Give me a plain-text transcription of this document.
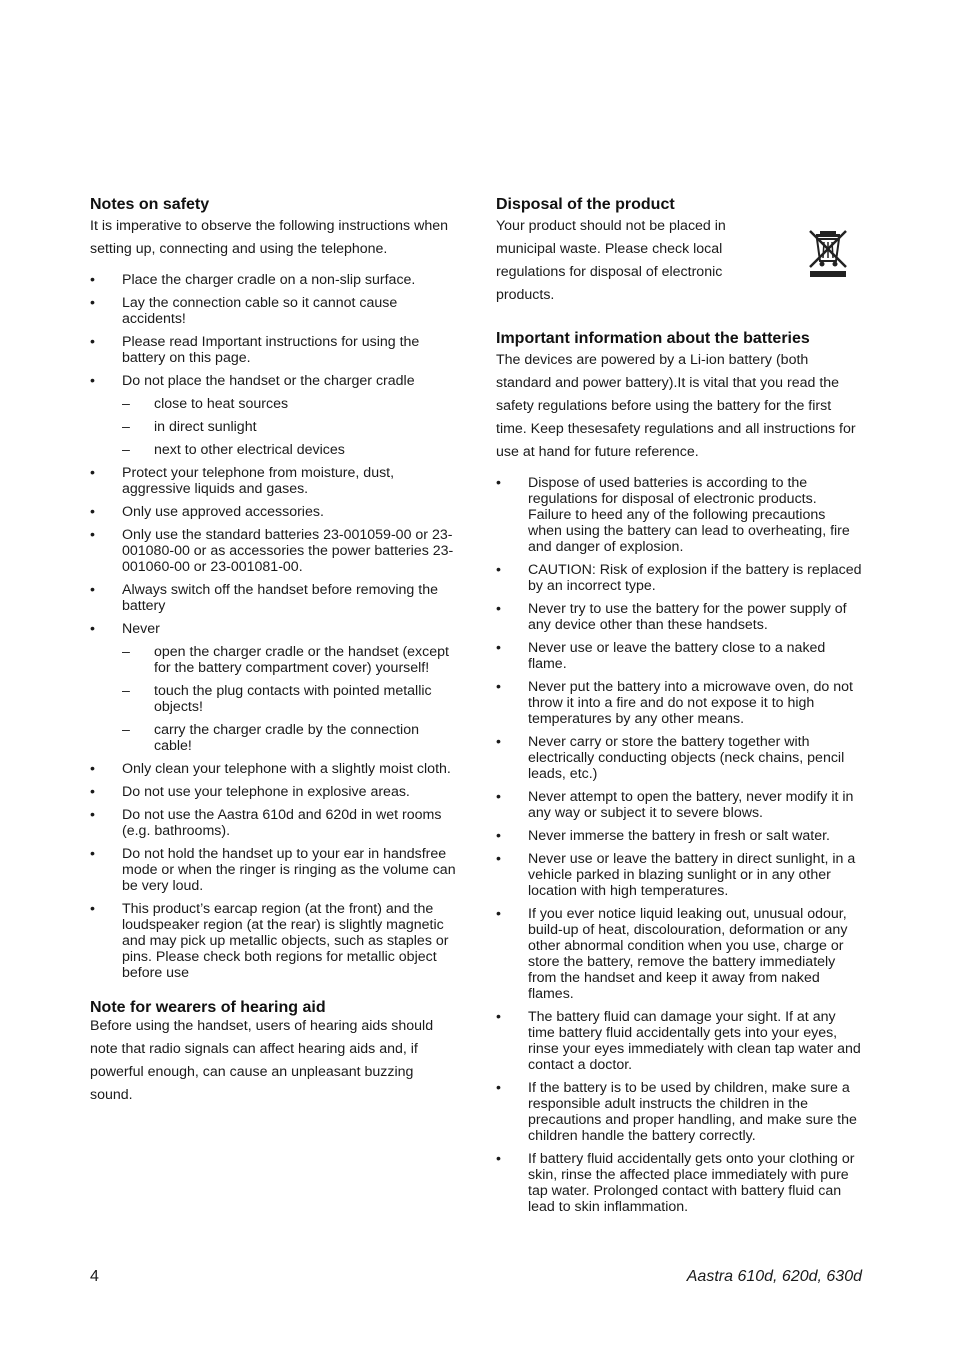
Notes on safety

It is imperative to observe the following instructions when setting up, connecting and using the telephone.

• Place the charger cradle on a non-slip surface.
• Lay the connection cable so it cannot cause accidents!
• Please read Important instructions for using the battery on this page.
• Do not place the handset or the charger cradle
– close to heat sources
– in direct sunlight
– next to other electrical devices
• Protect your telephone from moisture, dust, aggressive liquids and gases.
• Only use approved accessories.
• Only use the standard batteries 23-001059-00 or 23-001080-00 or as accessories the power batteries 23-001060-00 or 23-001081-00.
• Always switch off the handset before removing the battery
• Never
– open the charger cradle or the handset (except for the battery compartment cover) yourself!
– touch the plug contacts with pointed metallic objects!
– carry the charger cradle by the connection cable!
• Only clean your telephone with a slightly moist cloth.
• Do not use your telephone in explosive areas.
• Do not use the Aastra 610d and 620d in wet rooms (e.g. bathrooms).
• Do not hold the handset up to your ear in handsfree mode or when the ringer is ringing as the volume can be very loud.
• This product’s earcap region (at the front) and the loudspeaker region (at the rear) is slightly magnetic and may pick up metallic objects, such as staples or pins. Please check both regions for metallic object before use
Note for wearers of hearing aid

Before using the handset, users of hearing aids should note that radio signals can affect hearing aids and, if powerful enough, can cause an unpleasant buzzing sound.

Disposal of the product

Your product should not be placed in municipal waste. Please check local regulations for disposal of electronic products.

Important information about the batteries

The devices are powered by a Li-ion battery (both standard and power battery).It is vital that you read the safety regulations before using the battery for the first time. Keep thesesafety regulations and all instructions for use at hand for future reference.

• Dispose of used batteries is according to the regulations for disposal of electronic products. Failure to heed any of the following precautions when using the battery can lead to overheating, fire and danger of explosion.
• CAUTION: Risk of explosion if the battery is replaced by an incorrect type.
• Never try to use the battery for the power supply of any device other than these handsets.
• Never use or leave the battery close to a naked flame.
• Never put the battery into a microwave oven, do not throw it into a fire and do not expose it to high temperatures by any other means.
• Never carry or store the battery together with electrically conducting objects (neck chains, pencil leads, etc.)
• Never attempt to open the battery, never modify it in any way or subject it to severe blows.
• Never immerse the battery in fresh or salt water.
• Never use or leave the battery in direct sunlight, in a vehicle parked in blazing sunlight or in any other location with high temperatures.
• If you ever notice liquid leaking out, unusual odour, build-up of heat, discolouration, deformation or any other abnormal condition when you use, charge or store the battery, remove the battery immediately from the handset and keep it away from naked flames.
• The battery fluid can damage your sight. If at any time battery fluid accidentally gets into your eyes, rinse your eyes immediately with clean tap water and contact a doctor.
• If the battery is to be used by children, make sure a responsible adult instructs the children in the precautions and proper handling, and make sure the children handle the battery correctly.
• If battery fluid accidentally gets onto your clothing or skin, rinse the affected place immediately with pure tap water. Prolonged contact with battery fluid can lead to skin inflammation.
4	Aastra 610d, 620d, 630d
